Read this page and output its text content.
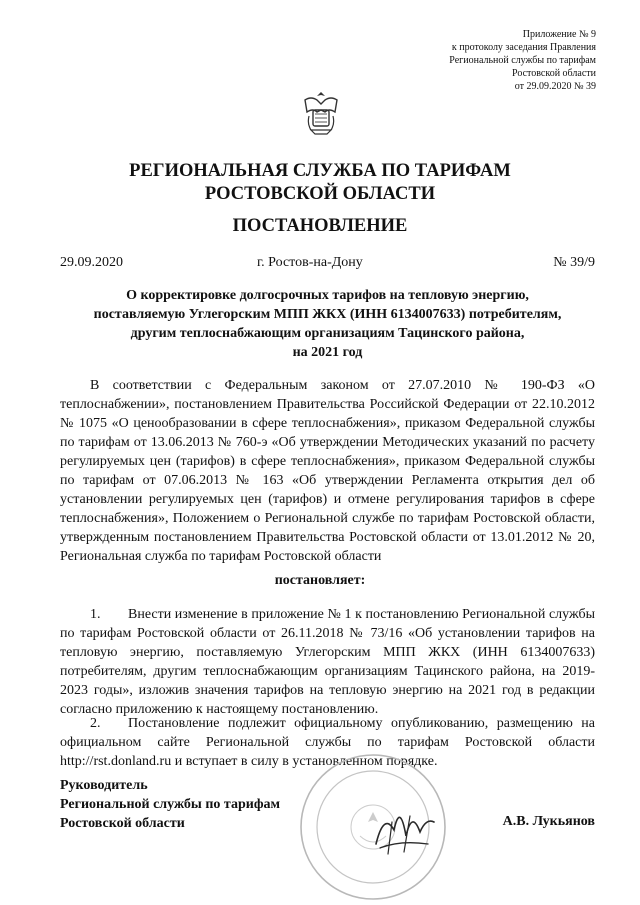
Приложение № 9
к протоколу заседания Правления
Региональной службы по тарифам
Ростовской области
от 29.09.2020 № 39
РЕГИОНАЛЬНАЯ СЛУЖБА ПО ТАРИФАМ
РОСТОВСКОЙ ОБЛАСТИ
ПОСТАНОВЛЕНИЕ
29.09.2020	г. Ростов-на-Дону	№ 39/9
О корректировке долгосрочных тарифов на тепловую энергию,
поставляемую Углегорским МПП ЖКХ (ИНН 6134007633) потребителям,
другим теплоснабжающим организациям Тацинского района,
на 2021 год
В соответствии с Федеральным законом от 27.07.2010 № 190-ФЗ «О теплоснабжении», постановлением Правительства Российской Федерации от 22.10.2012 № 1075 «О ценообразовании в сфере теплоснабжения», приказом Федеральной службы по тарифам от 13.06.2013 № 760-э «Об утверждении Методических указаний по расчету регулируемых цен (тарифов) в сфере теплоснабжения», приказом Федеральной службы по тарифам от 07.06.2013 № 163 «Об утверждении Регламента открытия дел об установлении регулируемых цен (тарифов) и отмене регулирования тарифов в сфере теплоснабжения», Положением о Региональной службе по тарифам Ростовской области, утвержденным постановлением Правительства Ростовской области от 13.01.2012 № 20, Региональная служба по тарифам Ростовской области
постановляет:
1. Внести изменение в приложение № 1 к постановлению Региональной службы по тарифам Ростовской области от 26.11.2018 № 73/16 «Об установлении тарифов на тепловую энергию, поставляемую Углегорским МПП ЖКХ (ИНН 6134007633) потребителям, другим теплоснабжающим организациям Тацинского района, на 2019-2023 годы», изложив значения тарифов на тепловую энергию на 2021 год в редакции согласно приложению к настоящему постановлению.
2. Постановление подлежит официальному опубликованию, размещению на официальном сайте Региональной службы по тарифам Ростовской области http://rst.donland.ru и вступает в силу в установленном порядке.
Руководитель
Региональной службы по тарифам
Ростовской области	А.В. Лукьянов
